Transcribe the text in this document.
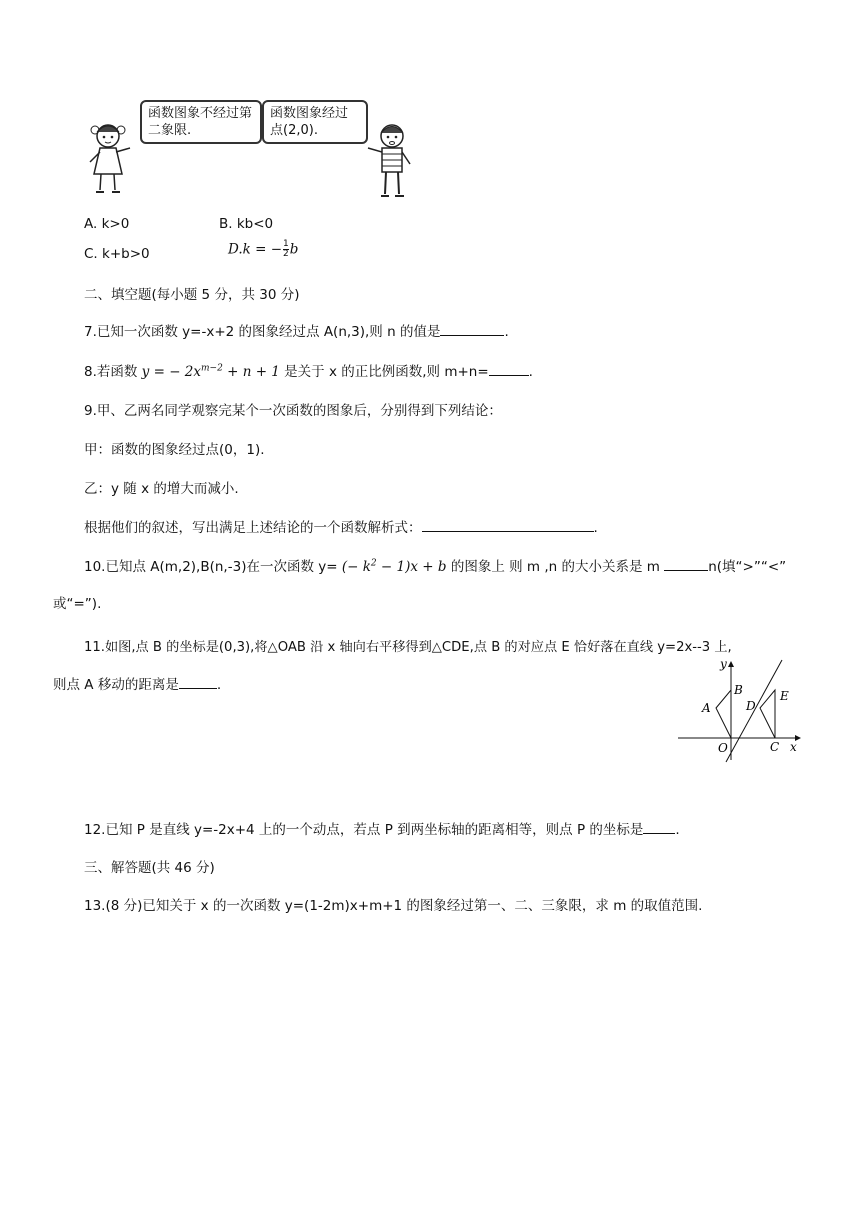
函数图象不经过第二象限.
函数图象经过点(2,0).
A. k>0	B. kb<0
C. k+b>0	D.k = − $\frac{1}{2}$ b
二、填空题(每小题 5 分，共 30 分)
7.已知一次函数 y=-x+2 的图象经过点 A(n,3),则 n 的值是	.
8.若函数 y = − $2x^{m-2} + n + 1$ 是关于 x 的正比例函数,则 m+n=	.
9.甲、乙两名同学观察完某个一次函数的图象后，分别得到下列结论：
甲：函数的图象经过点(0，1).
乙：y 随 x 的增大而减小.
根据他们的叙述，写出满足上述结论的一个函数解析式：	.
10.已知点 A(m,2),B(n,-3)在一次函数 y= (− $k^2 - 1)x + b$ 的图象上 则 m ,n 的大小关系是 m	n(填“>”“<”
或“=”).
11.如图,点 B 的坐标是(0,3),将△OAB 沿 x 轴向右平移得到△CDE,点 B 的对应点 E 恰好落在直线 y=2x--3 上,
则点 A 移动的距离是	.
y
x
A
B
D
E
O	C
12.已知 P 是直线 y=-2x+4 上的一个动点，若点 P 到两坐标轴的距离相等，则点 P 的坐标是 .
三、解答题(共 46 分)
13.(8 分)已知关于 x 的一次函数 y=(1-2m)x+m+1 的图象经过第一、二、三象限，求 m 的取值范围.
